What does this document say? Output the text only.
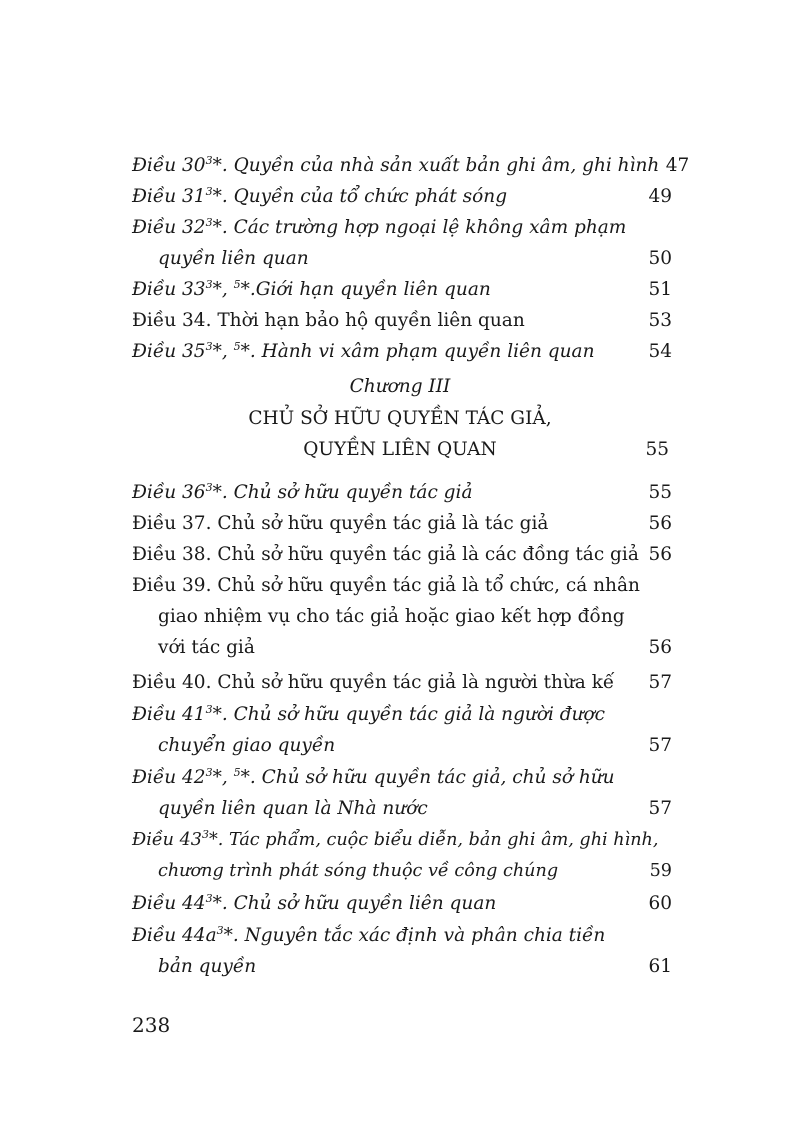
Điều $30^3*$. Quyền của nhà sản xuất bản ghi âm, ghi hình 47
Điều $31^3*$. Quyền của tổ chức phát sóng	49
Điều $32^3*$. Các trường hợp ngoại lệ không xâm phạm
quyền liên quan	50
Điều $33^3*$, $^5$*.Giới hạn quyền liên quan	51
Điều 34. Thời hạn bảo hộ quyền liên quan	53
Điều $35^3*$, $^5$*. Hành vi xâm phạm quyền liên quan	54
Chương III
CHỦ SỞ HỮU QUYỀN TÁC GIẢ,
QUYỀN LIÊN QUAN	55
Điều $36^3*$. Chủ sở hữu quyền tác giả	55
Điều 37. Chủ sở hữu quyền tác giả là tác giả	56
Điều 38. Chủ sở hữu quyền tác giả là các đồng tác giả 56
Điều 39. Chủ sở hữu quyền tác giả là tổ chức, cá nhân
giao nhiệm vụ cho tác giả hoặc giao kết hợp đồng
với tác giả	56
Điều 40. Chủ sở hữu quyền tác giả là người thừa kế	57
Điều $41^3*$. Chủ sở hữu quyền tác giả là người được
chuyển giao quyền	57
Điều $42^3*$, $^5$*. Chủ sở hữu quyền tác giả, chủ sở hữu
quyền liên quan là Nhà nước	57
Điều $43^3*$. Tác phẩm, cuộc biểu diễn, bản ghi âm, ghi hình,
chương trình phát sóng thuộc về công chúng	59
Điều $44^3*$. Chủ sở hữu quyền liên quan	60
Điều $44a^3*$. Nguyên tắc xác định và phân chia tiền
bản quyền	61
238
